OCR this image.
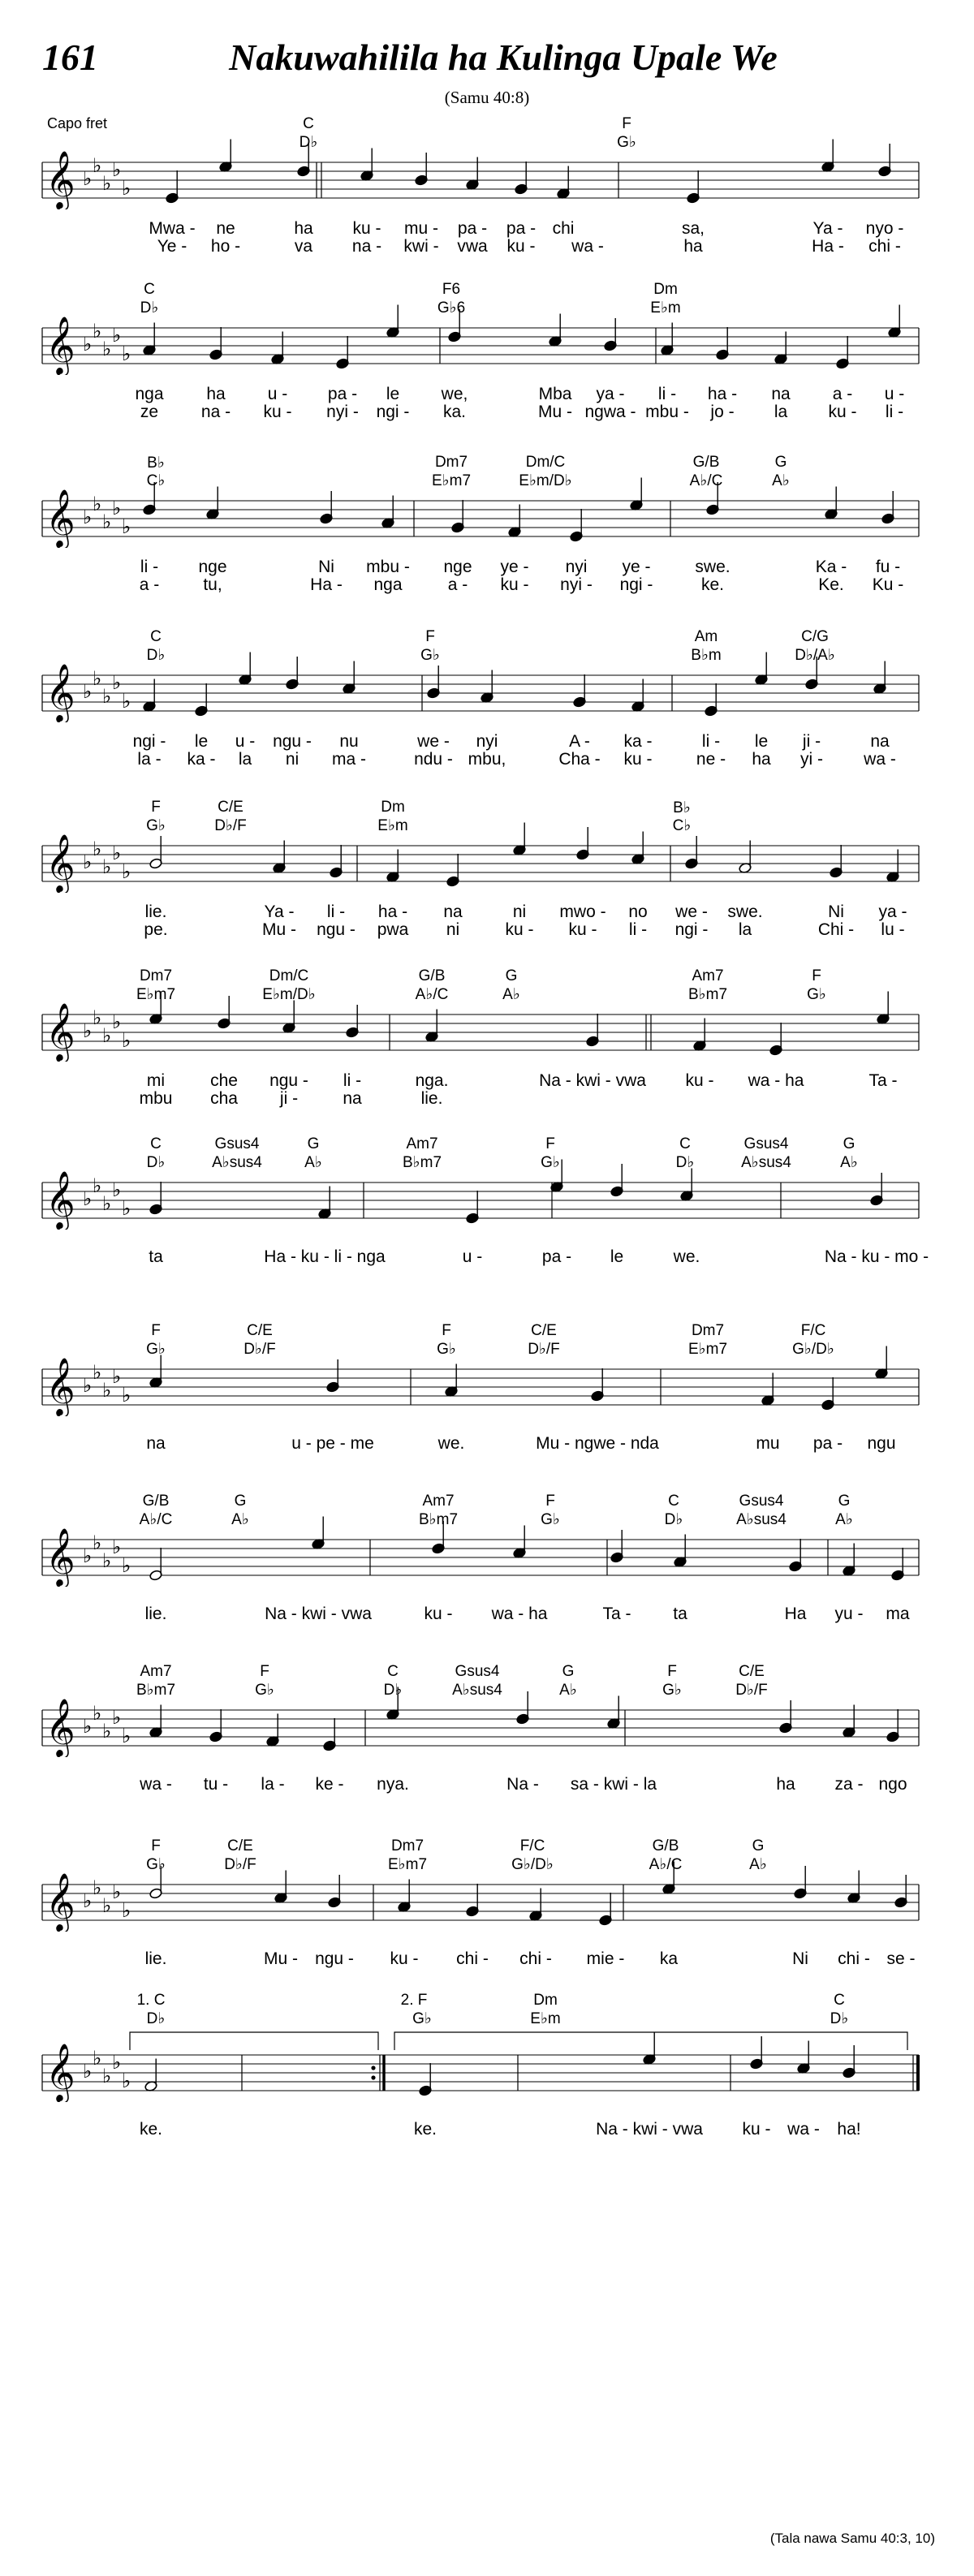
161	Nakuwahilila ha Kulinga Upale We
(Samu 40:8)
Capo fret
𝄞 ♭
♭
♭
♭
♭
C	F
D♭	G♭
Mwa - ne	ha ku - mu - pa - pa - chi	sa,	Ya - nyo -
Ye - ho -	va na - kwi - vwa ku - wa -	ha	Ha - chi -
𝄞 ♭
♭
♭
♭
♭
C	F6	Dm
D♭	G♭6	E♭m
nga	ha u - pa - le we,	Mba ya - li - ha - na a - u -
ze	na - ku - nyi - ngi - ka.	Mu - ngwa - mbu - jo - la ku - li -
𝄞 ♭
♭
♭
♭
♭
B♭	Dm7	Dm/C	G/B	G
C♭	E♭m7	E♭m/D♭	A♭/C	A♭
li - nge	Ni mbu - nge ye - nyi ye -	swe.	Ka - fu -
a -	tu,	Ha - nga	a - ku - nyi - ngi -	ke.	Ke. Ku -
𝄞 ♭
♭
♭
♭
♭
C	F	Am	C/G
D♭	G♭	B♭m	D♭/A♭
ngi - le u - ngu - nu	we - nyi	A - ka -	li - le ji -	na
la - ka - la ni ma -	ndu - mbu,	Cha - ku -	ne - ha yi - wa -
𝄞 ♭
♭
♭
♭
♭
F	C/E	Dm	B♭
G♭	D♭/F	E♭m	C♭
lie.	Ya - li - ha - na	ni mwo - no we - swe.	Ni ya -
pe.	Mu - ngu - pwa ni	ku - ku - li - ngi - la	Chi - lu -
𝄞 ♭
♭
♭
♭
♭
Dm7	Dm/C	G/B	G	Am7	F
E♭m7	E♭m/D♭	A♭/C	A♭	B♭m7	G♭
mi	che ngu - li -	nga.	Na - kwi - vwa ku - wa - ha	Ta -
mbu cha ji -	na	lie.
𝄞 ♭
♭
♭
♭
♭
C	Gsus4	G	Am7	F	C	Gsus4	G
D♭	A♭sus4	A♭	B♭m7	G♭	D♭	A♭sus4	A♭
ta	Ha - ku - li - nga	u -	pa - le	we.	Na - ku - mo -
𝄞 ♭
♭
♭
♭
♭
F	C/E	F	C/E	Dm7	F/C
G♭	D♭/F	G♭	D♭/F	E♭m7	G♭/D♭
na	u - pe - me	we.	Mu - ngwe - nda	mu pa - ngu
𝄞 ♭
♭
♭
♭
♭
G/B	G	Am7	F	C	Gsus4	G
A♭/C	A♭	B♭m7	G♭	D♭	A♭sus4	A♭
lie.	Na - kwi - vwa	ku - wa - ha	Ta - ta	Ha yu - ma
𝄞 ♭
♭
♭
♭
♭
Am7	F	C	Gsus4	G	F	C/E
B♭m7	G♭	D♭	A♭sus4	A♭	G♭	D♭/F
wa - tu - la - ke - nya.	Na - sa - kwi - la	ha za - ngo
𝄞 ♭
♭
♭
♭
♭
F	C/E	Dm7	F/C	G/B	G
G♭	D♭/F	E♭m7	G♭/D♭	A♭/C	A♭
lie.	Mu - ngu - ku - chi - chi - mie - ka	Ni chi - se -
𝄞 ♭
♭
♭
♭
♭
1. C	2. F	Dm	C
D♭	G♭	E♭m	D♭
ke.	ke.	Na - kwi - vwa ku - wa - ha!
(Tala nawa Samu 40:3, 10)
